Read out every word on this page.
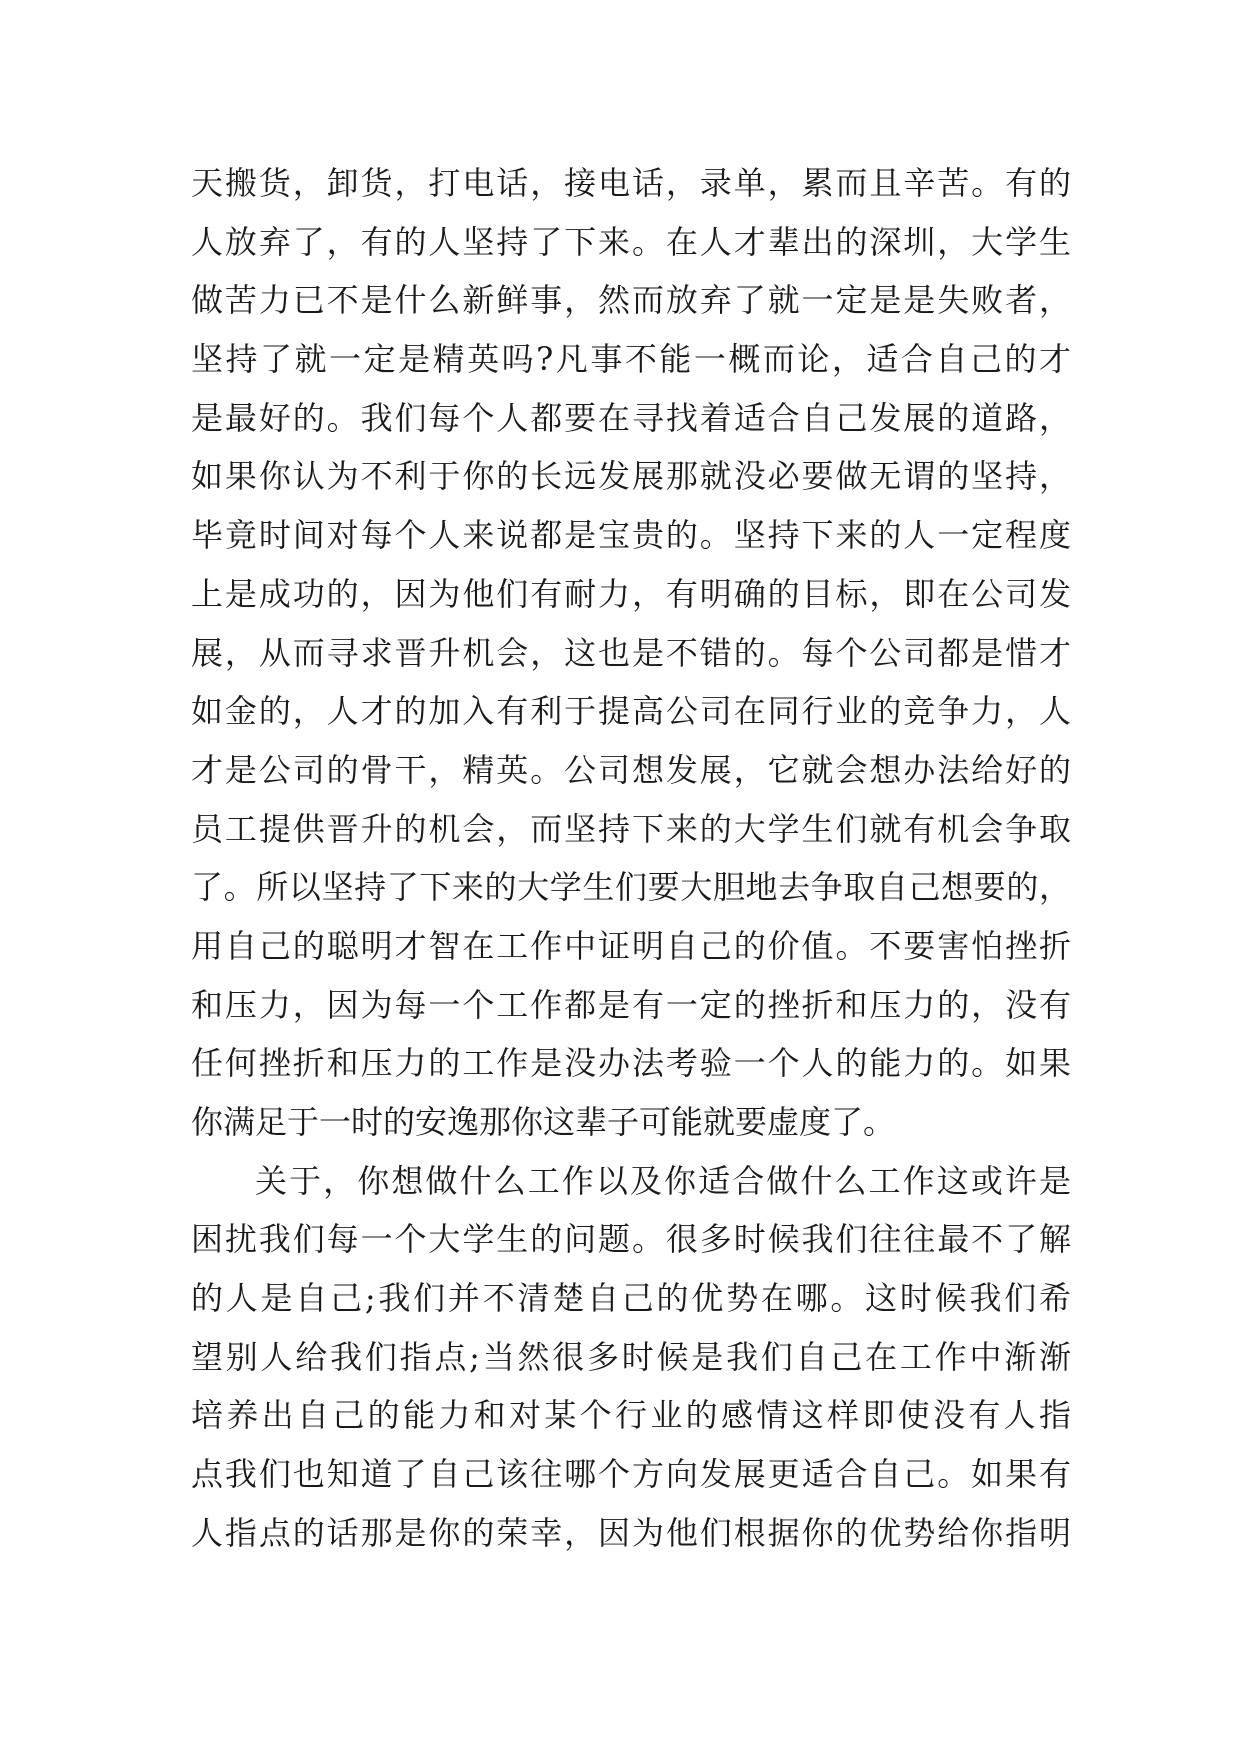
天搬货，卸货，打电话，接电话，录单，累而且辛苦。有的
人放弃了，有的人坚持了下来。在人才辈出的深圳，大学生
做苦力已不是什么新鲜事，然而放弃了就一定是是失败者，
坚持了就一定是精英吗?凡事不能一概而论，适合自己的才
是最好的。我们每个人都要在寻找着适合自己发展的道路，
如果你认为不利于你的长远发展那就没必要做无谓的坚持，
毕竟时间对每个人来说都是宝贵的。坚持下来的人一定程度
上是成功的，因为他们有耐力，有明确的目标，即在公司发
展，从而寻求晋升机会，这也是不错的。每个公司都是惜才
如金的，人才的加入有利于提高公司在同行业的竞争力，人
才是公司的骨干，精英。公司想发展，它就会想办法给好的
员工提供晋升的机会，而坚持下来的大学生们就有机会争取
了。所以坚持了下来的大学生们要大胆地去争取自己想要的，
用自己的聪明才智在工作中证明自己的价值。不要害怕挫折
和压力，因为每一个工作都是有一定的挫折和压力的，没有
任何挫折和压力的工作是没办法考验一个人的能力的。如果
你满足于一时的安逸那你这辈子可能就要虚度了。
关于，你想做什么工作以及你适合做什么工作这或许是
困扰我们每一个大学生的问题。很多时候我们往往最不了解
的人是自己;我们并不清楚自己的优势在哪。这时候我们希
望别人给我们指点;当然很多时候是我们自己在工作中渐渐
培养出自己的能力和对某个行业的感情这样即使没有人指
点我们也知道了自己该往哪个方向发展更适合自己。如果有
人指点的话那是你的荣幸，因为他们根据你的优势给你指明
